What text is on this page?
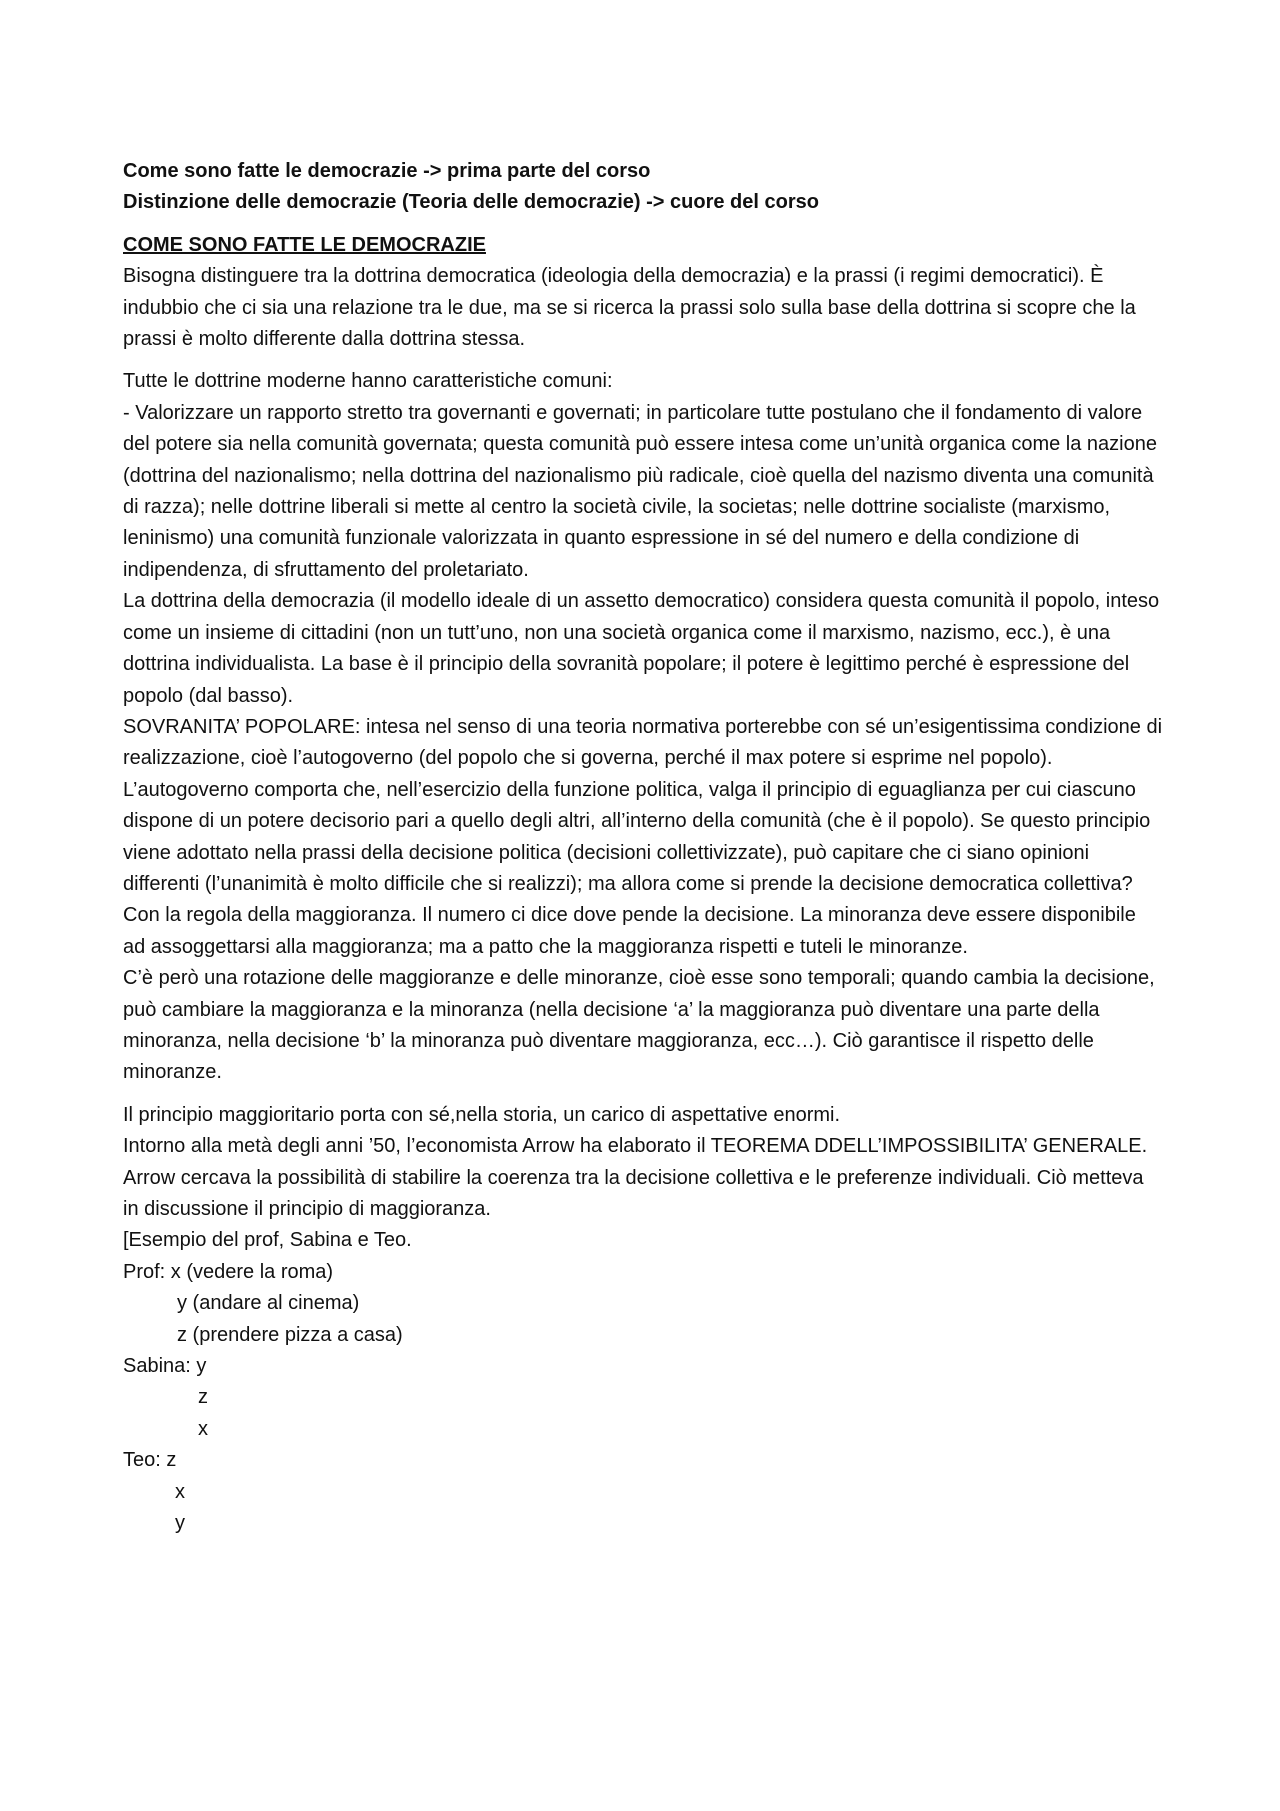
Come sono fatte le democrazie -> prima parte del corso

Distinzione delle democrazie (Teoria delle democrazie) -> cuore del corso

COME SONO FATTE LE DEMOCRAZIE

Bisogna distinguere tra la dottrina democratica (ideologia della democrazia) e la prassi (i regimi democratici). È indubbio che ci sia una relazione tra le due, ma se si ricerca la prassi solo sulla base della dottrina si scopre che la prassi è molto differente dalla dottrina stessa.

Tutte le dottrine moderne hanno caratteristiche comuni:

- Valorizzare un rapporto stretto tra governanti e governati; in particolare tutte postulano che il fondamento di valore del potere sia nella comunità governata; questa comunità può essere intesa come un’unità organica come la nazione (dottrina del nazionalismo; nella dottrina del nazionalismo più radicale, cioè quella del nazismo diventa una comunità di razza); nelle dottrine liberali si mette al centro la società civile, la societas; nelle dottrine socialiste (marxismo, leninismo) una comunità funzionale valorizzata in quanto espressione in sé del numero e della condizione di indipendenza, di sfruttamento del proletariato.

La dottrina della democrazia (il modello ideale di un assetto democratico) considera questa comunità il popolo, inteso come un insieme di cittadini (non un tutt’uno, non una società organica come il marxismo, nazismo, ecc.), è una dottrina individualista. La base è il principio della sovranità popolare; il potere è legittimo perché è espressione del popolo (dal basso).

SOVRANITA’ POPOLARE: intesa nel senso di una teoria normativa porterebbe con sé un’esigentissima condizione di realizzazione, cioè l’autogoverno (del popolo che si governa, perché il max potere si esprime nel popolo).

L’autogoverno comporta che, nell’esercizio della funzione politica, valga il principio di eguaglianza per cui ciascuno dispone di un potere decisorio pari a quello degli altri, all’interno della comunità (che è il popolo). Se questo principio viene adottato nella prassi della decisione politica (decisioni collettivizzate), può capitare che ci siano opinioni differenti (l’unanimità è molto difficile che si realizzi); ma allora come si prende la decisione democratica collettiva? Con la regola della maggioranza. Il numero ci dice dove pende la decisione. La minoranza deve essere disponibile ad assoggettarsi alla maggioranza; ma a patto che la maggioranza rispetti e tuteli le minoranze.

C’è però una rotazione delle maggioranze e delle minoranze, cioè esse sono temporali; quando cambia la decisione, può cambiare la maggioranza e la minoranza (nella decisione ‘a’ la maggioranza può diventare una parte della minoranza, nella decisione ‘b’ la minoranza può diventare maggioranza, ecc…). Ciò garantisce il rispetto delle minoranze.

Il principio maggioritario porta con sé,nella storia, un carico di aspettative enormi.

Intorno alla metà degli anni ’50, l’economista Arrow ha elaborato il TEOREMA DDELL’IMPOSSIBILITA’ GENERALE. Arrow cercava la possibilità di stabilire la coerenza tra la decisione collettiva e le preferenze individuali. Ciò metteva in discussione il principio di maggioranza.

[Esempio del prof, Sabina e Teo.

Prof: x (vedere la roma)

y (andare al cinema)

z (prendere pizza a casa)

Sabina: y

z

x

Teo: z

x

y
